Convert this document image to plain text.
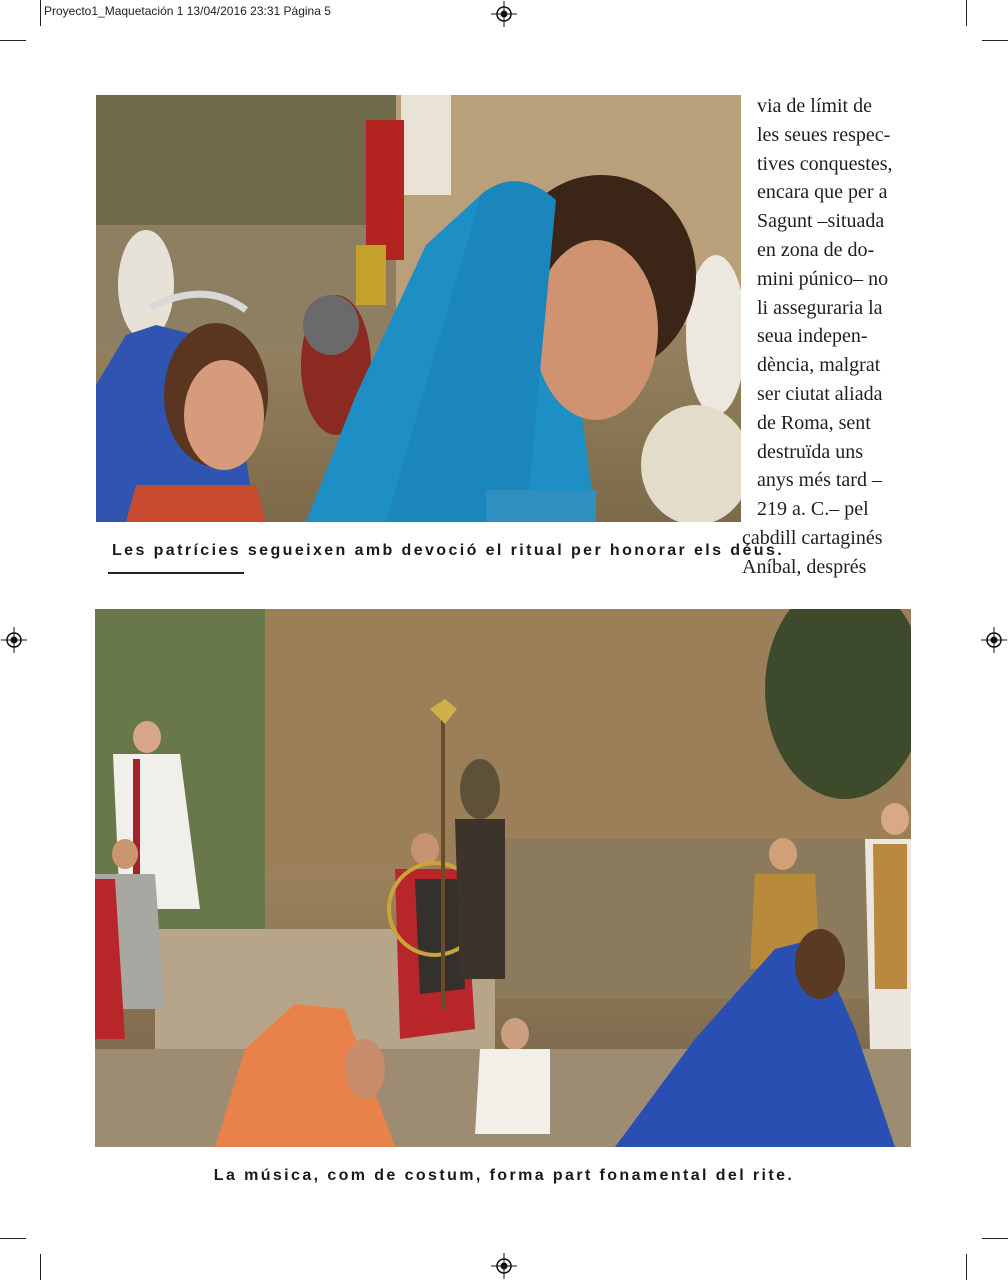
Proyecto1_Maquetación 1 13/04/2016 23:31 Página 5
Les patrícies segueixen amb devoció el ritual per honorar els déus.
via de límit de
les seues respec-
tives conquestes,
encara que per a
Sagunt –situada
en zona de do-
mini púnico– no
li asseguraria la
seua indepen-
dència, malgrat
ser ciutat aliada
de Roma, sent
destruïda uns
anys més tard –
219 a. C.– pel
cabdill cartaginés
Aníbal, després
La música, com de costum, forma part fonamental del rite.
